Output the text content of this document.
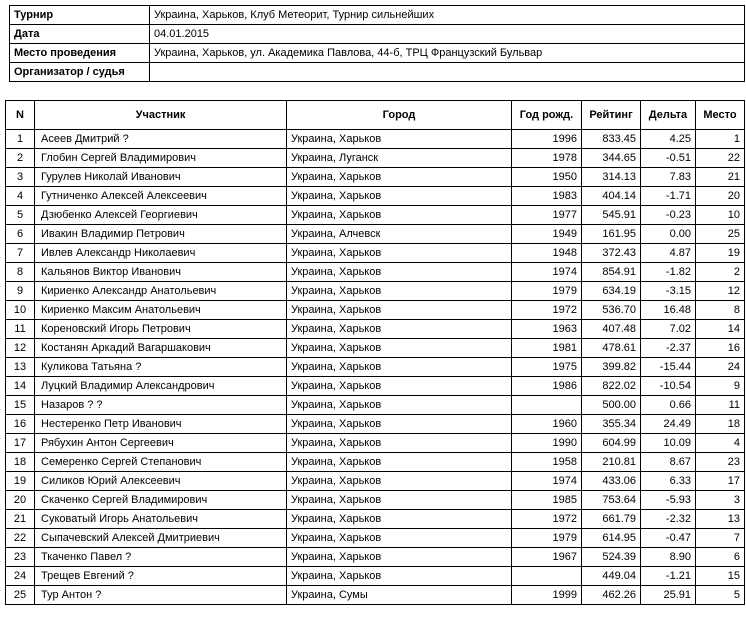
Турнир	Украина, Харьков, Клуб Метеорит, Турнир сильнейших
Дата	04.01.2015
Место проведения	Украина, Харьков, ул. Академика Павлова, 44-б, ТРЦ Французский Бульвар
Организатор / судья	
N	Участник	Город	Год рожд.	Рейтинг	Дельта	Место
1	Асеев Дмитрий ?	Украина, Харьков	1996	833.45	4.25	1
2	Глобин Сергей Владимирович	Украина, Луганск	1978	344.65	-0.51	22
3	Гурулев Николай Иванович	Украина, Харьков	1950	314.13	7.83	21
4	Гутниченко Алексей Алексеевич	Украина, Харьков	1983	404.14	-1.71	20
5	Дзюбенко Алексей Георгиевич	Украина, Харьков	1977	545.91	-0.23	10
6	Ивакин Владимир Петрович	Украина, Алчевск	1949	161.95	0.00	25
7	Ивлев Александр Николаевич	Украина, Харьков	1948	372.43	4.87	19
8	Кальянов Виктор Иванович	Украина, Харьков	1974	854.91	-1.82	2
9	Кириенко Александр Анатольевич	Украина, Харьков	1979	634.19	-3.15	12
10	Кириенко Максим Анатольевич	Украина, Харьков	1972	536.70	16.48	8
11	Кореновский Игорь Петрович	Украина, Харьков	1963	407.48	7.02	14
12	Костанян Аркадий Вагаршакович	Украина, Харьков	1981	478.61	-2.37	16
13	Куликова Татьяна ?	Украина, Харьков	1975	399.82	-15.44	24
14	Луцкий Владимир Александрович	Украина, Харьков	1986	822.02	-10.54	9
15	Назаров ? ?	Украина, Харьков		500.00	0.66	11
16	Нестеренко Петр Иванович	Украина, Харьков	1960	355.34	24.49	18
17	Рябухин Антон Сергеевич	Украина, Харьков	1990	604.99	10.09	4
18	Семеренко Сергей Степанович	Украина, Харьков	1958	210.81	8.67	23
19	Силиков Юрий Алексеевич	Украина, Харьков	1974	433.06	6.33	17
20	Скаченко Сергей Владимирович	Украина, Харьков	1985	753.64	-5.93	3
21	Суковатый Игорь Анатольевич	Украина, Харьков	1972	661.79	-2.32	13
22	Сыпачевский Алексей Дмитриевич	Украина, Харьков	1979	614.95	-0.47	7
23	Ткаченко Павел ?	Украина, Харьков	1967	524.39	8.90	6
24	Трещев Евгений ?	Украина, Харьков		449.04	-1.21	15
25	Тур Антон ?	Украина, Сумы	1999	462.26	25.91	5
